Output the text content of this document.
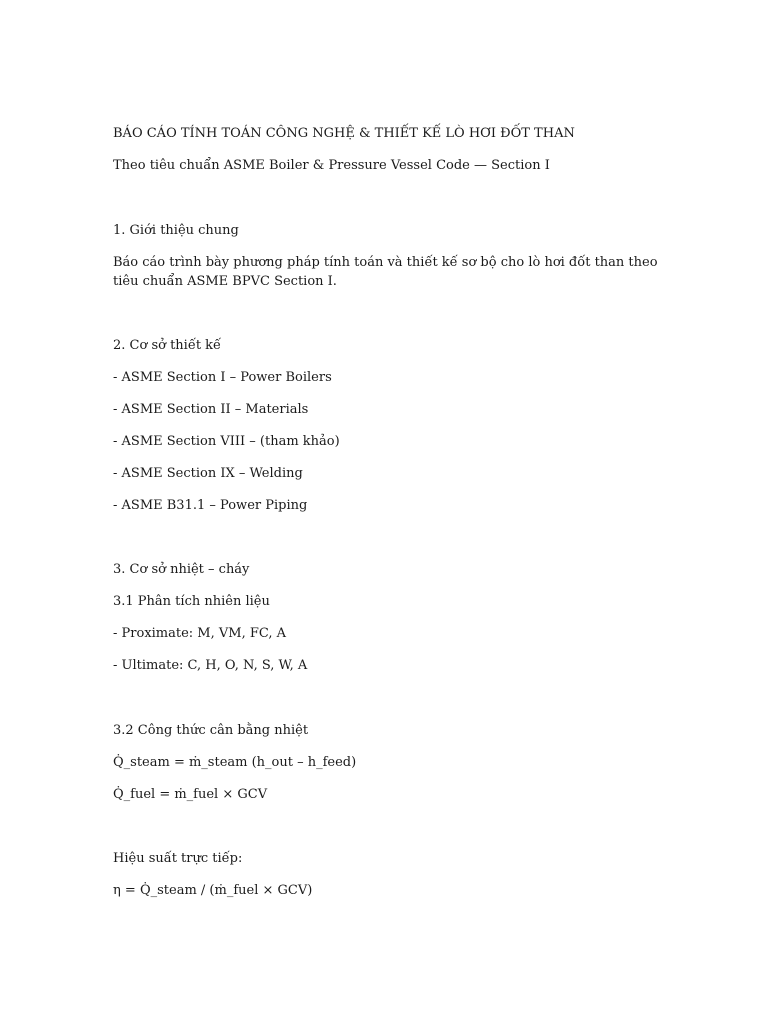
BÁO CÁO TÍNH TOÁN CÔNG NGHỆ & THIẾT KẾ LÒ HƠI ĐỐT THAN
Theo tiêu chuẩn ASME Boiler & Pressure Vessel Code — Section I
1. Giới thiệu chung
Báo cáo trình bày phương pháp tính toán và thiết kế sơ bộ cho lò hơi đốt than theo tiêu chuẩn ASME BPVC Section I.
2. Cơ sở thiết kế
- ASME Section I – Power Boilers
- ASME Section II – Materials
- ASME Section VIII – (tham khảo)
- ASME Section IX – Welding
- ASME B31.1 – Power Piping
3. Cơ sở nhiệt – cháy
3.1 Phân tích nhiên liệu
- Proximate: M, VM, FC, A
- Ultimate: C, H, O, N, S, W, A
3.2 Công thức cân bằng nhiệt
Q̇_steam = ṁ_steam (h_out – h_feed)
Q̇_fuel = ṁ_fuel × GCV
Hiệu suất trực tiếp:
η = Q̇_steam / (ṁ_fuel × GCV)
